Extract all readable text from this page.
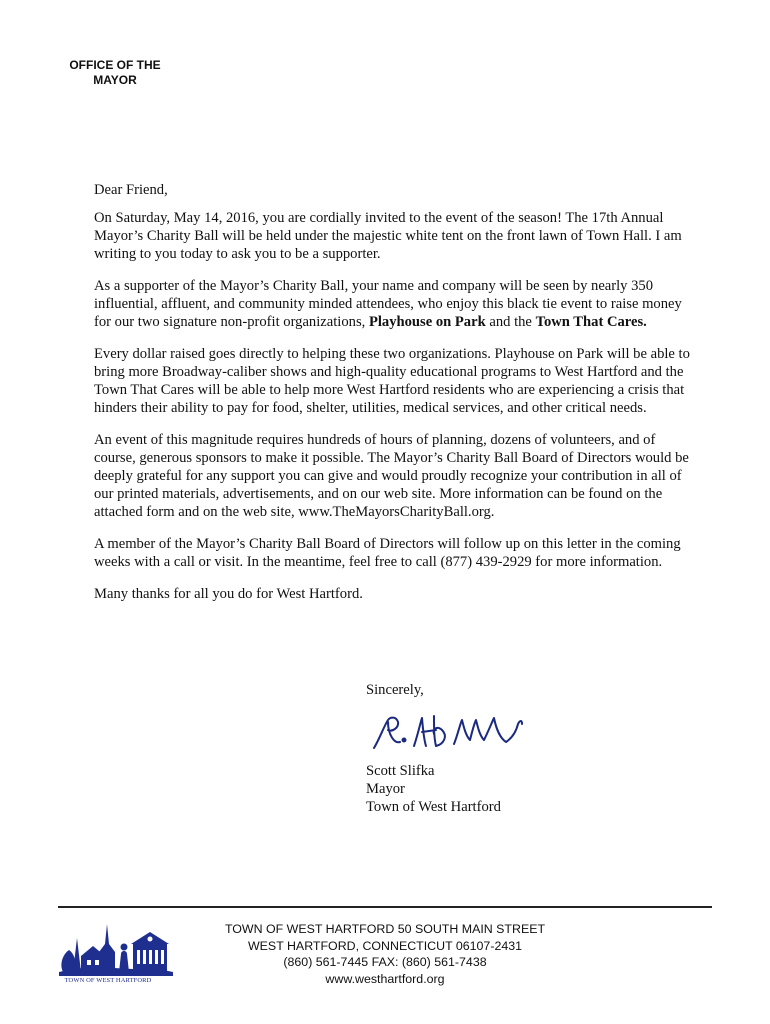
OFFICE OF THE
MAYOR

Dear Friend,

On Saturday, May 14, 2016, you are cordially invited to the event of the season! The 17th Annual Mayor’s Charity Ball will be held under the majestic white tent on the front lawn of Town Hall. I am writing to you today to ask you to be a supporter.

As a supporter of the Mayor’s Charity Ball, your name and company will be seen by nearly 350 influential, affluent, and community minded attendees, who enjoy this black tie event to raise money for our two signature non-profit organizations, Playhouse on Park and the Town That Cares.

Every dollar raised goes directly to helping these two organizations. Playhouse on Park will be able to bring more Broadway-caliber shows and high-quality educational programs to West Hartford and the Town That Cares will be able to help more West Hartford residents who are experiencing a crisis that hinders their ability to pay for food, shelter, utilities, medical services, and other critical needs.

An event of this magnitude requires hundreds of hours of planning, dozens of volunteers, and of course, generous sponsors to make it possible. The Mayor’s Charity Ball Board of Directors would be deeply grateful for any support you can give and would proudly recognize your contribution in all of our printed materials, advertisements, and on our web site. More information can be found on the attached form and on the web site, www.TheMayorsCharityBall.org.

A member of the Mayor’s Charity Ball Board of Directors will follow up on this letter in the coming weeks with a call or visit. In the meantime, feel free to call (877) 439-2929 for more information.

Many thanks for all you do for West Hartford.

Sincerely,
Scott Slifka
Mayor
Town of West Hartford
TOWN OF WEST HARTFORD
TOWN OF WEST HARTFORD 50 SOUTH MAIN STREET
WEST HARTFORD, CONNECTICUT 06107-2431
(860) 561-7445 FAX: (860) 561-7438
www.westhartford.org
